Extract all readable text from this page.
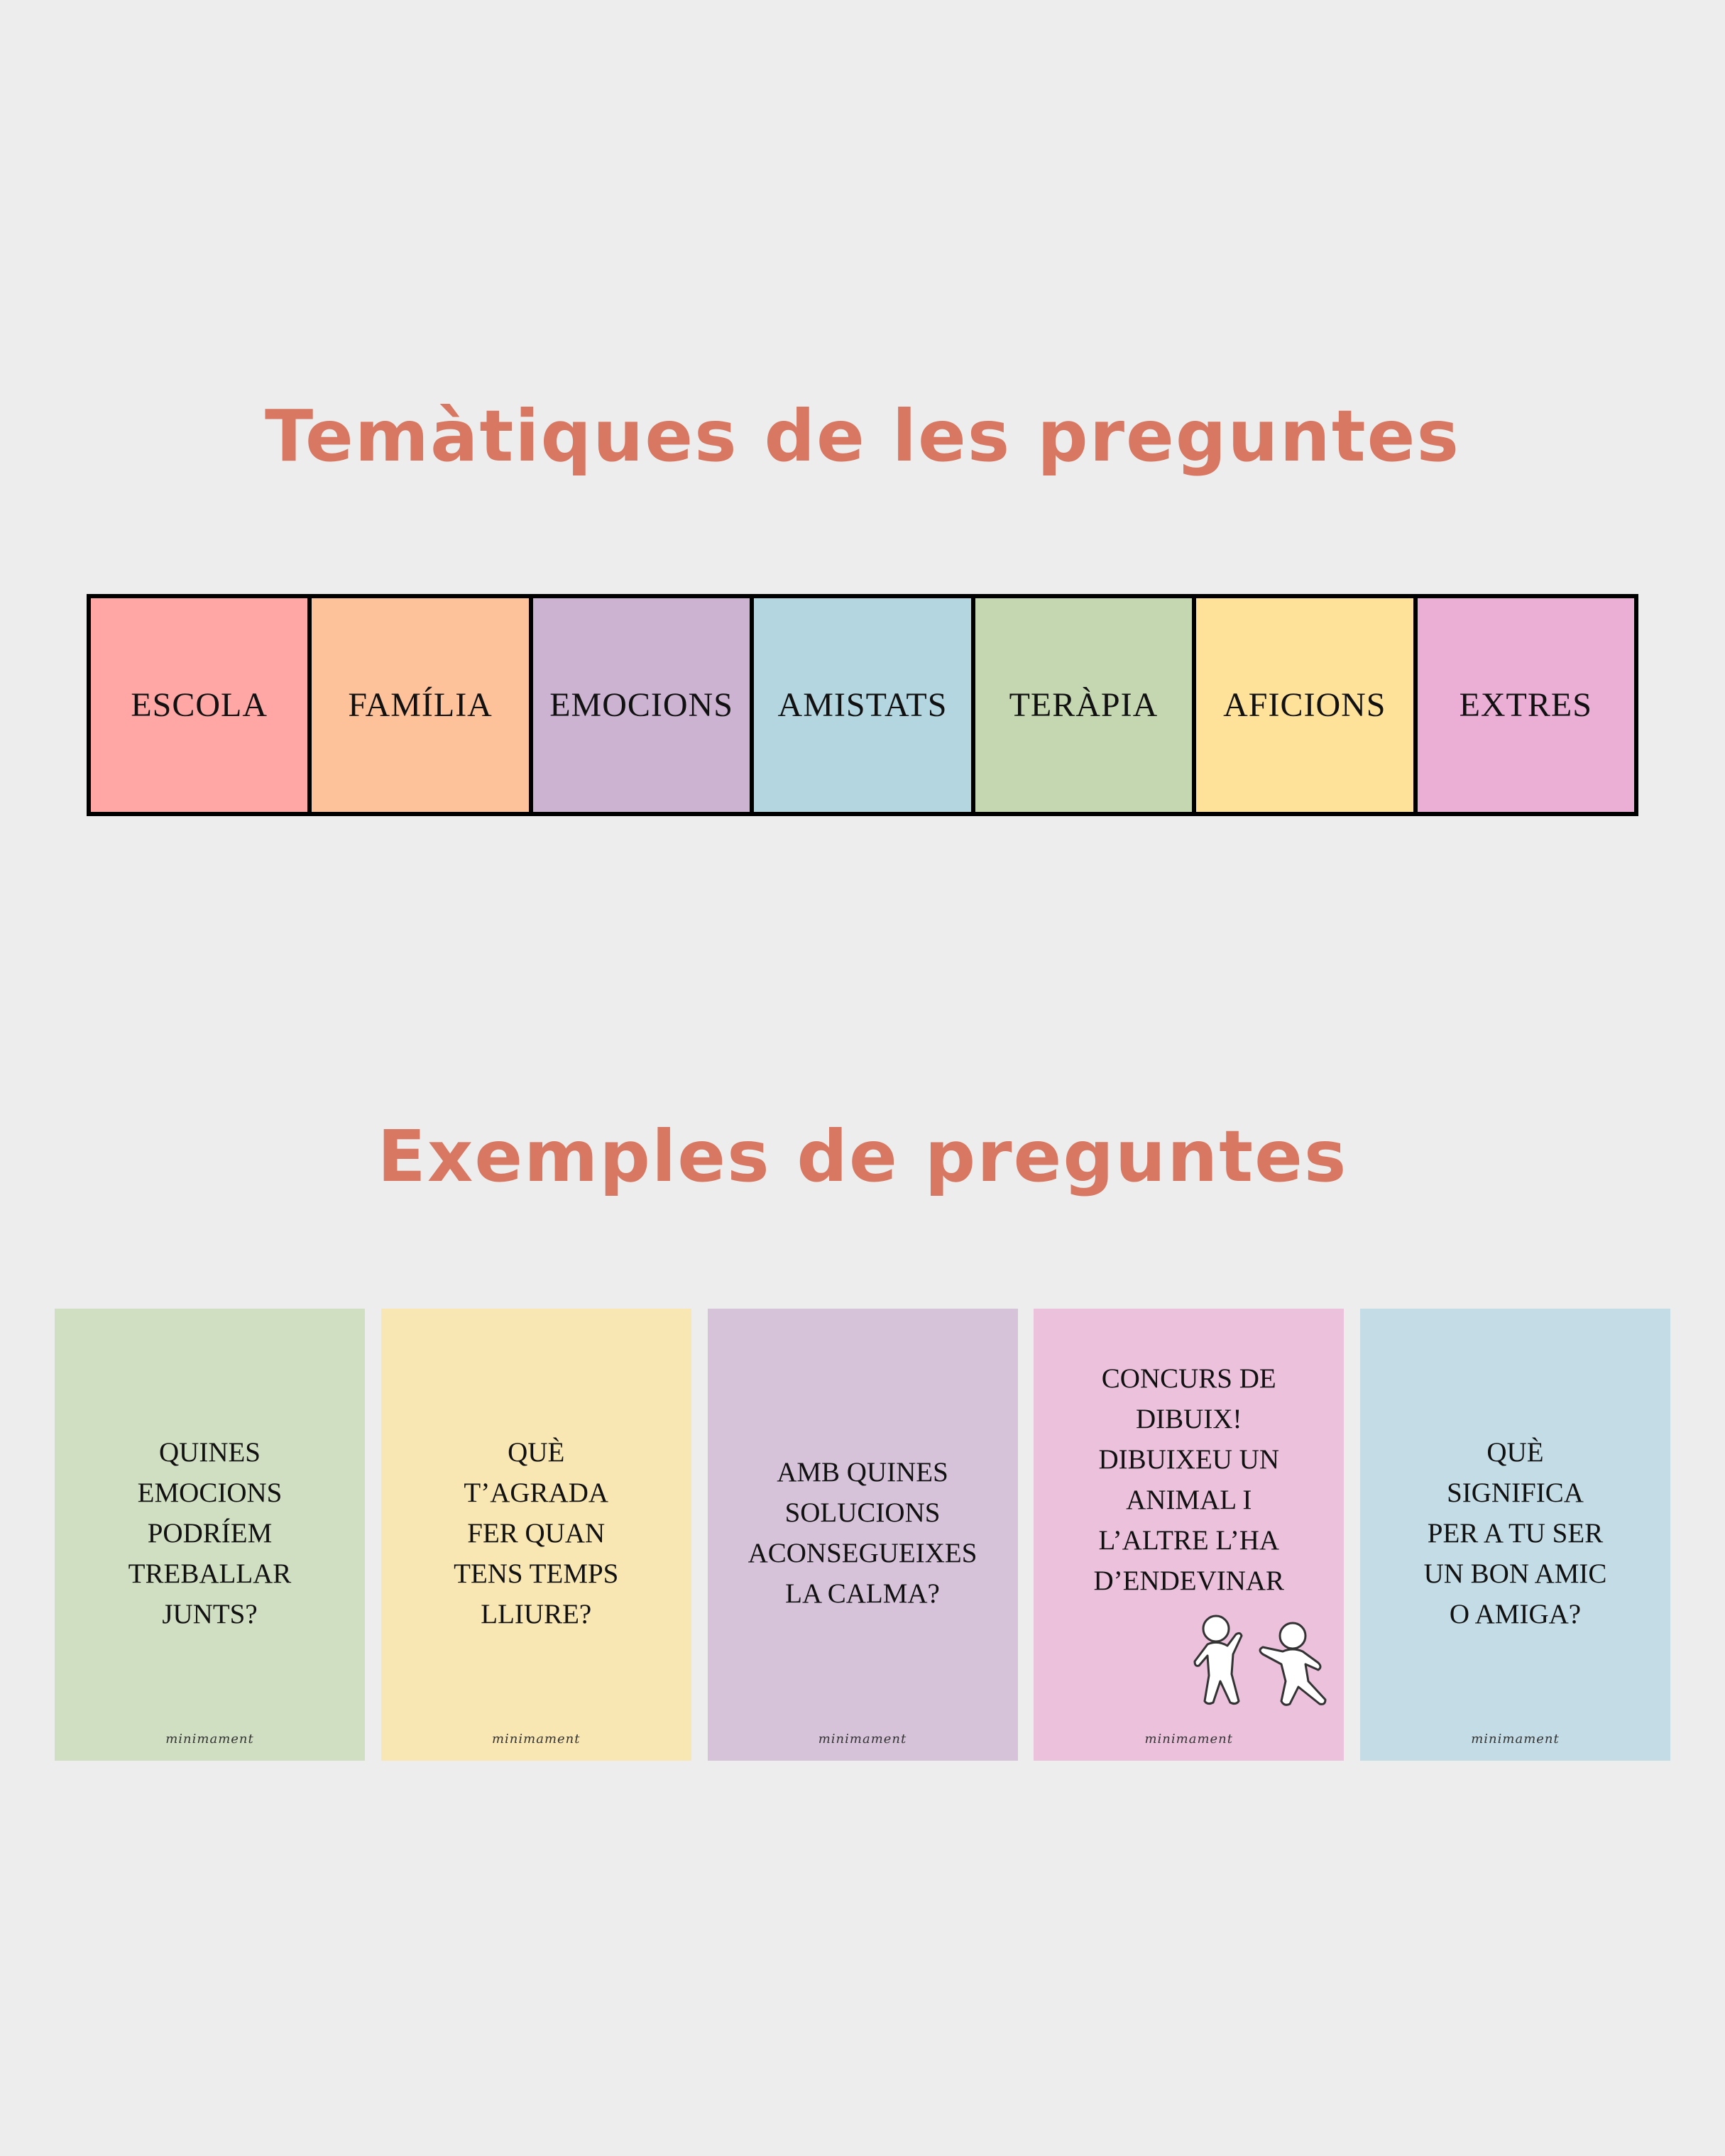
Temàtiques de les preguntes
ESCOLA	FAMÍLIA	EMOCIONS	AMISTATS	TERÀPIA	AFICIONS	EXTRES
Exemples de preguntes
QUINES
EMOCIONS
PODRÍEM
TREBALLAR
JUNTS?
minimament
QUÈ
T’AGRADA
FER QUAN
TENS TEMPS
LLIURE?
minimament
AMB QUINES
SOLUCIONS
ACONSEGUEIXES
LA CALMA?
minimament
CONCURS DE
DIBUIX!
DIBUIXEU UN
ANIMAL I
L’ALTRE L’HA
D’ENDEVINAR
minimament
QUÈ
SIGNIFICA
PER A TU SER
UN BON AMIC
O AMIGA?
minimament
